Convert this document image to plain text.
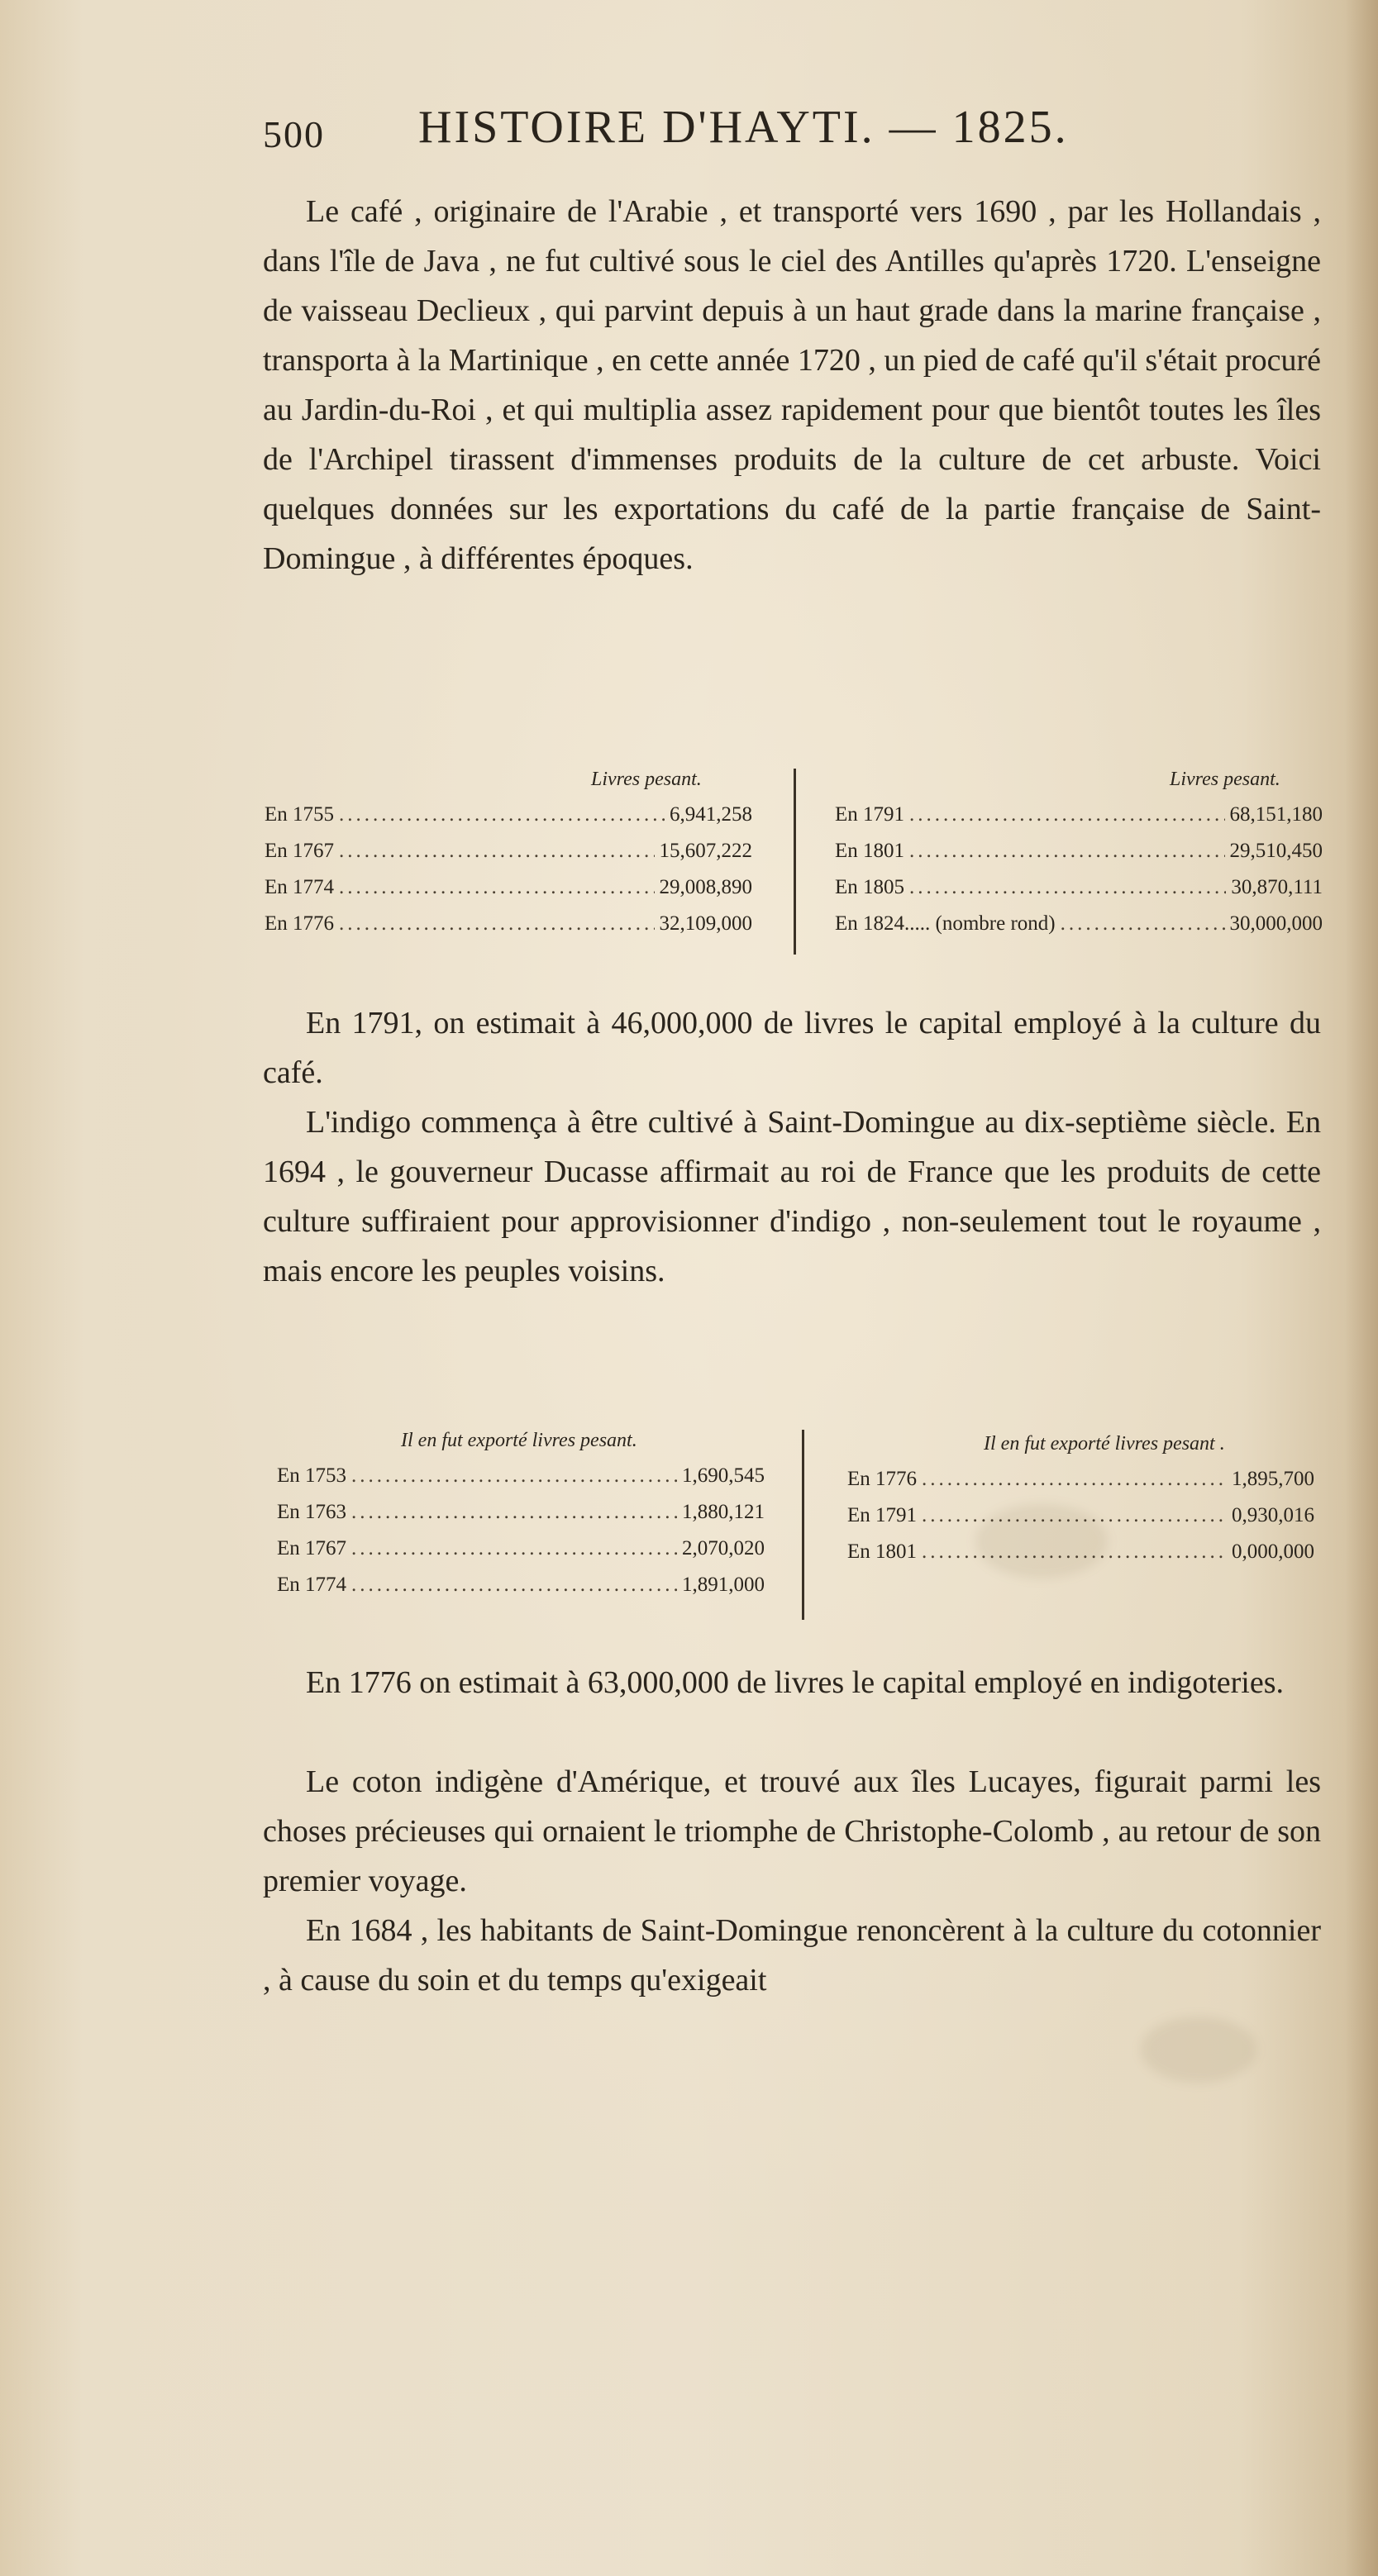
500 HISTOIRE D'HAYTI. — 1825.

Le café , originaire de l'Arabie , et transporté vers 1690 , par les Hollandais , dans l'île de Java , ne fut cultivé sous le ciel des Antilles qu'après 1720. L'enseigne de vaisseau Declieux , qui parvint depuis à un haut grade dans la marine française , transporta à la Martinique , en cette année 1720 , un pied de café qu'il s'était procuré au Jardin-du-Roi , et qui multiplia assez rapidement pour que bientôt toutes les îles de l'Archipel tirassent d'immenses produits de la culture de cet arbuste. Voici quelques données sur les exportations du café de la partie française de Saint-Domingue , à différentes époques.

Livres pesant.
En 1755 .....	6,941,258
En 1767 .....	15,607,222
En 1774 .....	29,008,890
En 1776 .....	32,109,000
Livres pesant.
En 1791 .....	68,151,180
En 1801 .....	29,510,450
En 1805 .....	30,870,111
En 1824..... (nombre rond) .....	30,000,000

En 1791, on estimait à 46,000,000 de livres le capital employé à la culture du café.

L'indigo commença à être cultivé à Saint-Domingue au dix-septième siècle. En 1694 , le gouverneur Ducasse affirmait au roi de France que les produits de cette culture suffiraient pour approvisionner d'indigo , non-seulement tout le royaume , mais encore les peuples voisins.

Il en fut exporté livres pesant.
En 1753 .....	1,690,545
En 1763 .....	1,880,121
En 1767 .....	2,070,020
En 1774 .....	1,891,000
Il en fut exporté livres pesant .
En 1776 .....	1,895,700
En 1791 .....	0,930,016
En 1801 .....	0,000,000

En 1776 on estimait à 63,000,000 de livres le capital employé en indigoteries.

Le coton indigène d'Amérique, et trouvé aux îles Lucayes, figurait parmi les choses précieuses qui ornaient le triomphe de Christophe-Colomb , au retour de son premier voyage.

En 1684 , les habitants de Saint-Domingue renoncèrent à la culture du cotonnier , à cause du soin et du temps qu'exigeait
